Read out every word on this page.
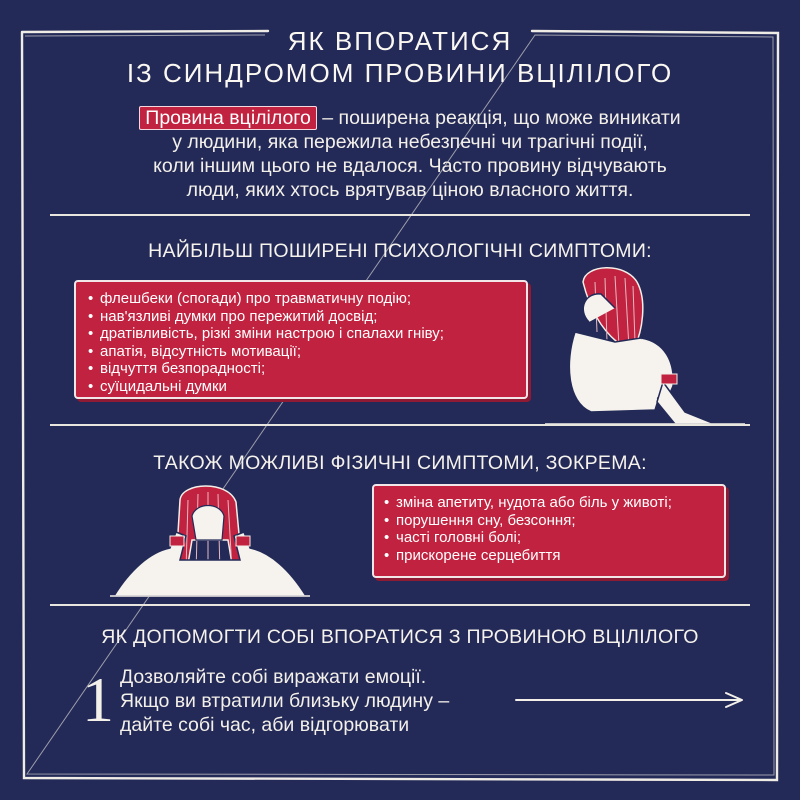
ЯК ВПОРАТИСЯ
ІЗ СИНДРОМОМ ПРОВИНИ ВЦІЛІЛОГО
Провина вцілілого – поширена реакція, що може виникати
у людини, яка пережила небезпечні чи трагічні події,
коли іншим цього не вдалося. Часто провину відчувають
люди, яких хтось врятував ціною власного життя.
НАЙБІЛЬШ ПОШИРЕНІ ПСИХОЛОГІЧНІ СИМПТОМИ:
• флешбеки (спогади) про травматичну подію;
• нав'язливі думки про пережитий досвід;
• дратівливість, різкі зміни настрою і спалахи гніву;
• апатія, відсутність мотивації;
• відчуття безпорадності;
• суїцидальні думки
ТАКОЖ МОЖЛИВІ ФІЗИЧНІ СИМПТОМИ, ЗОКРЕМА:
• зміна апетиту, нудота або біль у животі;
• порушення сну, безсоння;
• часті головні болі;
• прискорене серцебиття
ЯК ДОПОМОГТИ СОБІ ВПОРАТИСЯ З ПРОВИНОЮ ВЦІЛІЛОГО
1 Дозволяйте собі виражати емоції.
Якщо ви втратили близьку людину –
дайте собі час, аби відгорювати
